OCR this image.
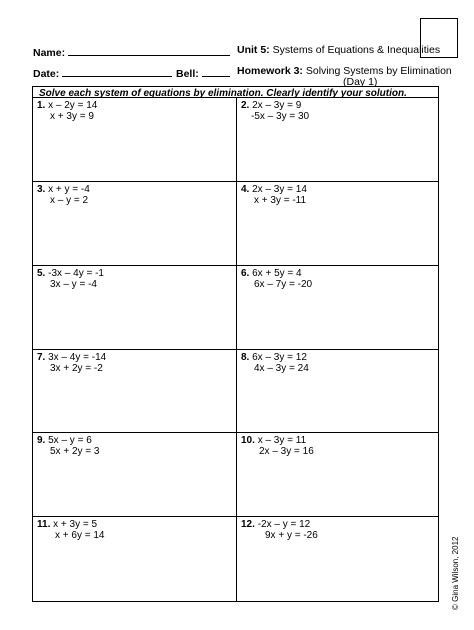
Name:	Unit 5: Systems of Equations & Inequalities
Date:	Bell:	Homework 3: Solving Systems by Elimination
(Day 1)
Solve each system of equations by elimination. Clearly identify your solution.
1. x – 2y = 14
x + 3y = 9
2. 2x – 3y = 9
-5x – 3y = 30
3. x + y = -4
x – y = 2
4. 2x – 3y = 14
x + 3y = -11
5. -3x – 4y = -1
3x – y = -4
6. 6x + 5y = 4
6x – 7y = -20
7. 3x – 4y = -14
3x + 2y = -2
8. 6x – 3y = 12
4x – 3y = 24
9. 5x – y = 6
5x + 2y = 3
10. x – 3y = 11
2x – 3y = 16
11. x + 3y = 5
x + 6y = 14
12. -2x – y = 12
9x + y = -26
© Gina Wilson, 2012
